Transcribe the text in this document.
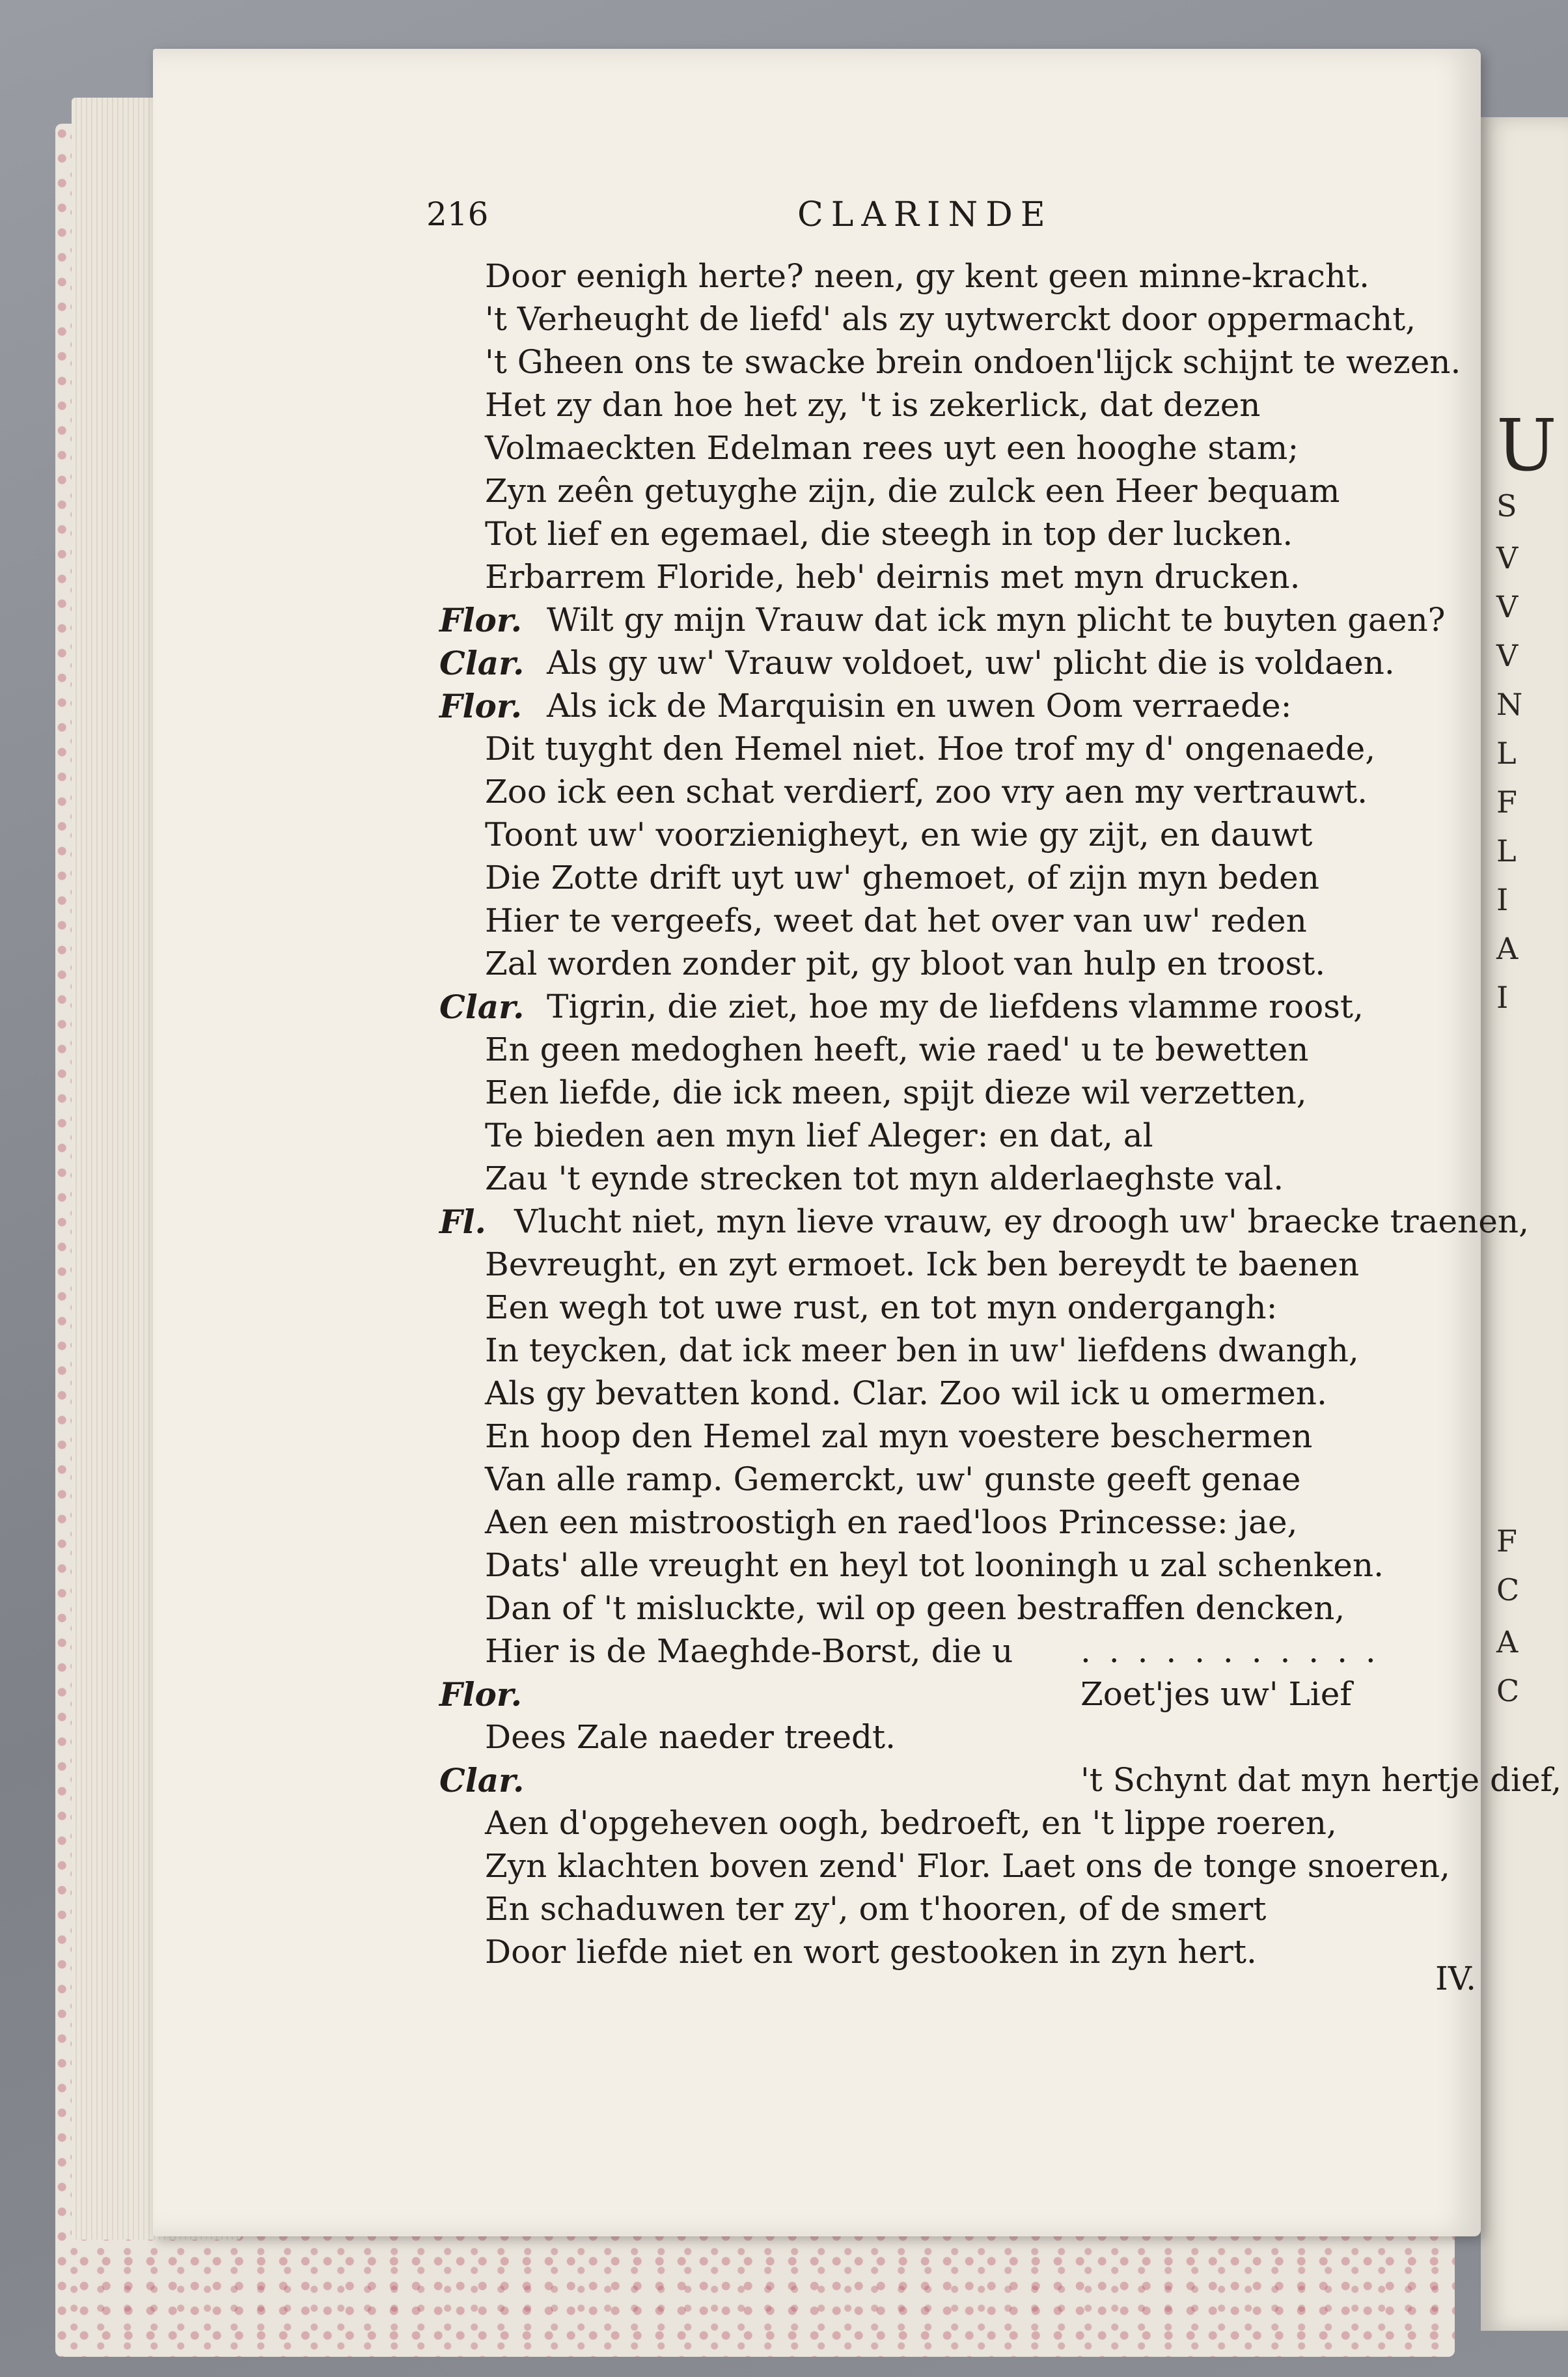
U
S
V
V
V
N
L
F
L
I
A
I
F
C
A
C
216	CLARINDE
Door eenigh herte? neen, gy kent geen minne-kracht.
't Verheught de liefd' als zy uytwerckt door oppermacht,
't Gheen ons te swacke brein ondoen'lijck schijnt te wezen.
Het zy dan hoe het zy, 't is zekerlick, dat dezen
Volmaeckten Edelman rees uyt een hooghe stam;
Zyn zeên getuyghe zijn, die zulck een Heer bequam
Tot lief en egemael, die steegh in top der lucken.
Erbarrem Floride, heb' deirnis met myn drucken.
Flor. Wilt gy mijn Vrauw dat ick myn plicht te buyten gaen?
Clar. Als gy uw' Vrauw voldoet, uw' plicht die is voldaen.
Flor. Als ick de Marquisin en uwen Oom verraede:
Dit tuyght den Hemel niet. Hoe trof my d' ongenaede,
Zoo ick een schat verdierf, zoo vry aen my vertrauwt.
Toont uw' voorzienigheyt, en wie gy zijt, en dauwt
Die Zotte drift uyt uw' ghemoet, of zijn myn beden
Hier te vergeefs, weet dat het over van uw' reden
Zal worden zonder pit, gy bloot van hulp en troost.
Clar. Tigrin, die ziet, hoe my de liefdens vlamme roost,
En geen medoghen heeft, wie raed' u te bewetten
Een liefde, die ick meen, spijt dieze wil verzetten,
Te bieden aen myn lief Aleger: en dat, al
Zau 't eynde strecken tot myn alderlaeghste val.
Fl. Vlucht niet, myn lieve vrauw, ey droogh uw' braecke traenen,
Bevreught, en zyt ermoet. Ick ben bereydt te baenen
Een wegh tot uwe rust, en tot myn ondergangh:
In teycken, dat ick meer ben in uw' liefdens dwangh,
Als gy bevatten kond. Clar. Zoo wil ick u omermen.
En hoop den Hemel zal myn voestere beschermen
Van alle ramp. Gemerckt, uw' gunste geeft genae
Aen een mistroostigh en raed'loos Princesse: jae,
Dats' alle vreught en heyl tot looningh u zal schenken.
Dan of 't misluckte, wil op geen bestraffen dencken,
Hier is de Maeghde-Borst, die u . . . . . . . . . . .
Flor.	Zoet'jes uw' Lief
Dees Zale naeder treedt.
Clar.	't Schynt dat myn hertje dief,
Aen d'opgeheven oogh, bedroeft, en 't lippe roeren,
Zyn klachten boven zend' Flor. Laet ons de tonge snoeren,
En schaduwen ter zy', om t'hooren, of de smert
Door liefde niet en wort gestooken in zyn hert.
IV.
